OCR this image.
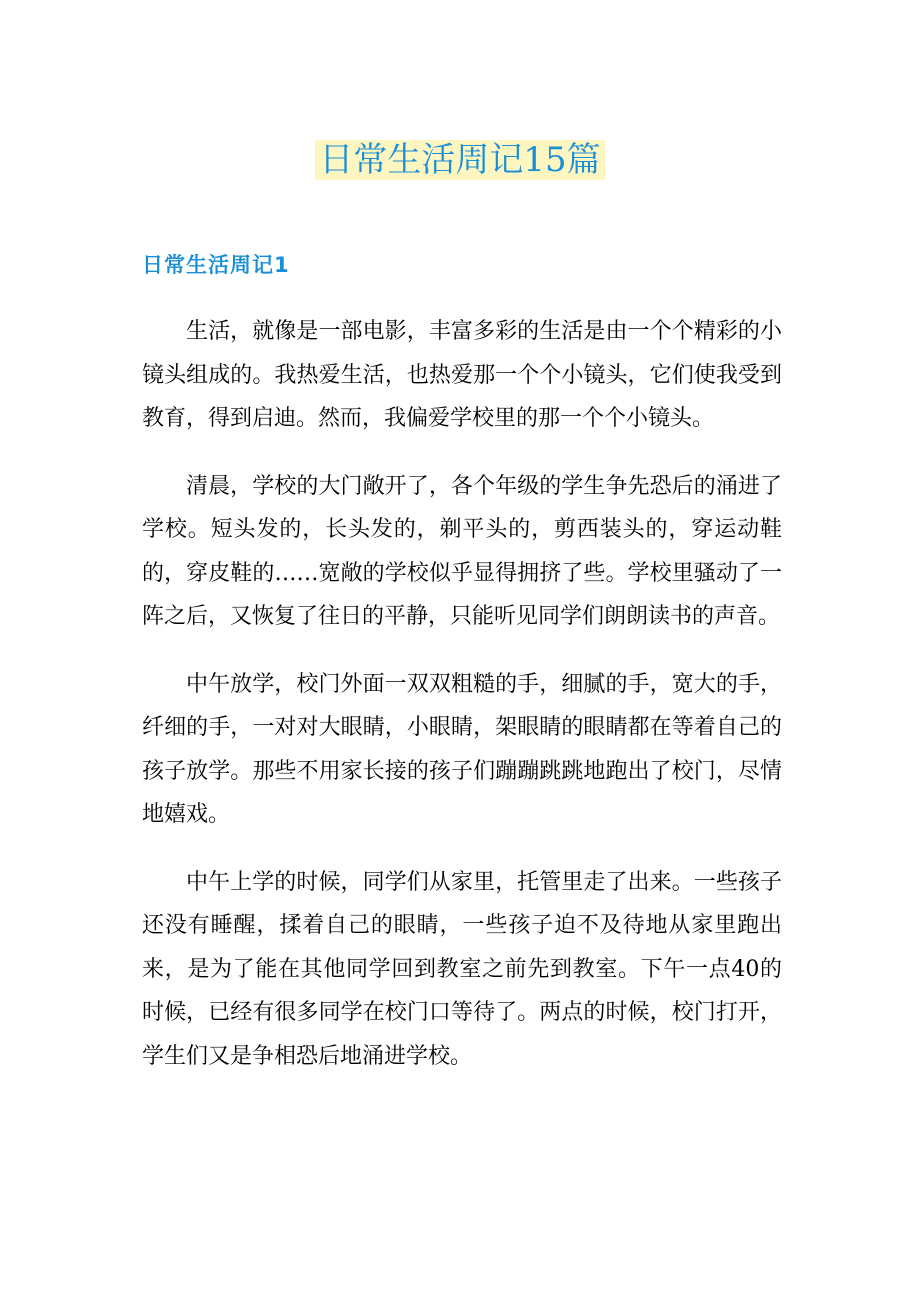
日常生活周记15篇
日常生活周记1

生活，就像是一部电影，丰富多彩的生活是由一个个精彩的小镜头组成的。我热爱生活，也热爱那一个个小镜头，它们使我受到教育，得到启迪。然而，我偏爱学校里的那一个个小镜头。

清晨，学校的大门敞开了，各个年级的学生争先恐后的涌进了学校。短头发的，长头发的，剃平头的，剪西装头的，穿运动鞋的，穿皮鞋的……宽敞的学校似乎显得拥挤了些。学校里骚动了一阵之后，又恢复了往日的平静，只能听见同学们朗朗读书的声音。

中午放学，校门外面一双双粗糙的手，细腻的手，宽大的手，纤细的手，一对对大眼睛，小眼睛，架眼睛的眼睛都在等着自己的孩子放学。那些不用家长接的孩子们蹦蹦跳跳地跑出了校门，尽情地嬉戏。

中午上学的时候，同学们从家里，托管里走了出来。一些孩子还没有睡醒，揉着自己的眼睛，一些孩子迫不及待地从家里跑出来，是为了能在其他同学回到教室之前先到教室。下午一点40的时候，已经有很多同学在校门口等待了。两点的时候，校门打开，学生们又是争相恐后地涌进学校。
